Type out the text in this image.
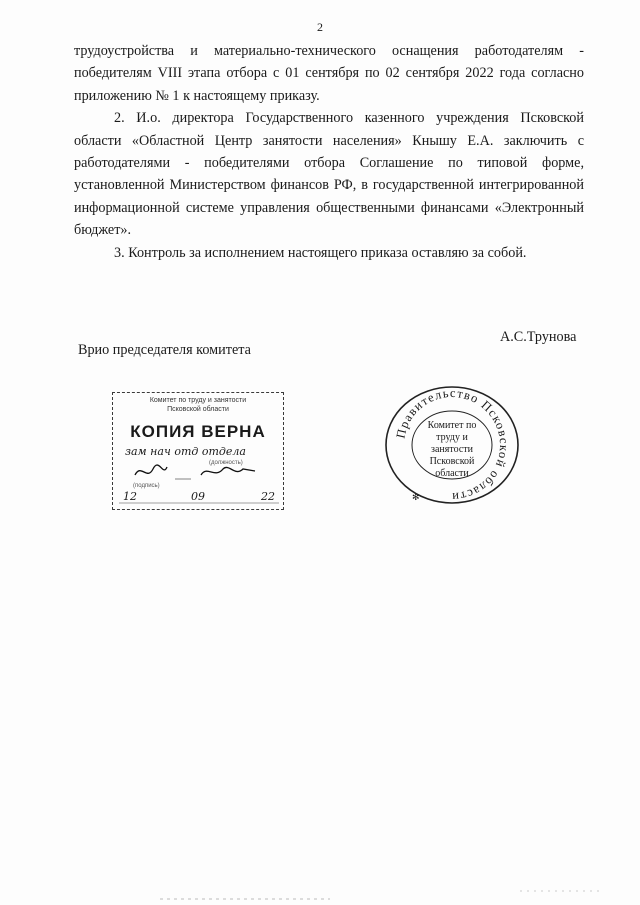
2

трудоустройства и материально-технического оснащения работодателям - победителям VIII этапа отбора с 01 сентября по 02 сентября 2022 года согласно приложению № 1 к настоящему приказу.

2. И.о. директора Государственного казенного учреждения Псковской области «Областной Центр занятости населения» Кнышу Е.А. заключить с работодателями - победителями отбора Соглашение по типовой форме, установленной Министерством финансов РФ, в государственной интегрированной информационной системе управления общественными финансами «Электронный бюджет».

3. Контроль за исполнением настоящего приказа оставляю за собой.

Врио председателя комитета
А.С.Трунова
Комитет по труду и занятости
Псковской области
КОПИЯ ВЕРНА
зам нач отд отдела
(должность)
(подпись)
12	09	22
Правительство Псковской области
✻
Комитет по
труду и занятости
Псковской
области
